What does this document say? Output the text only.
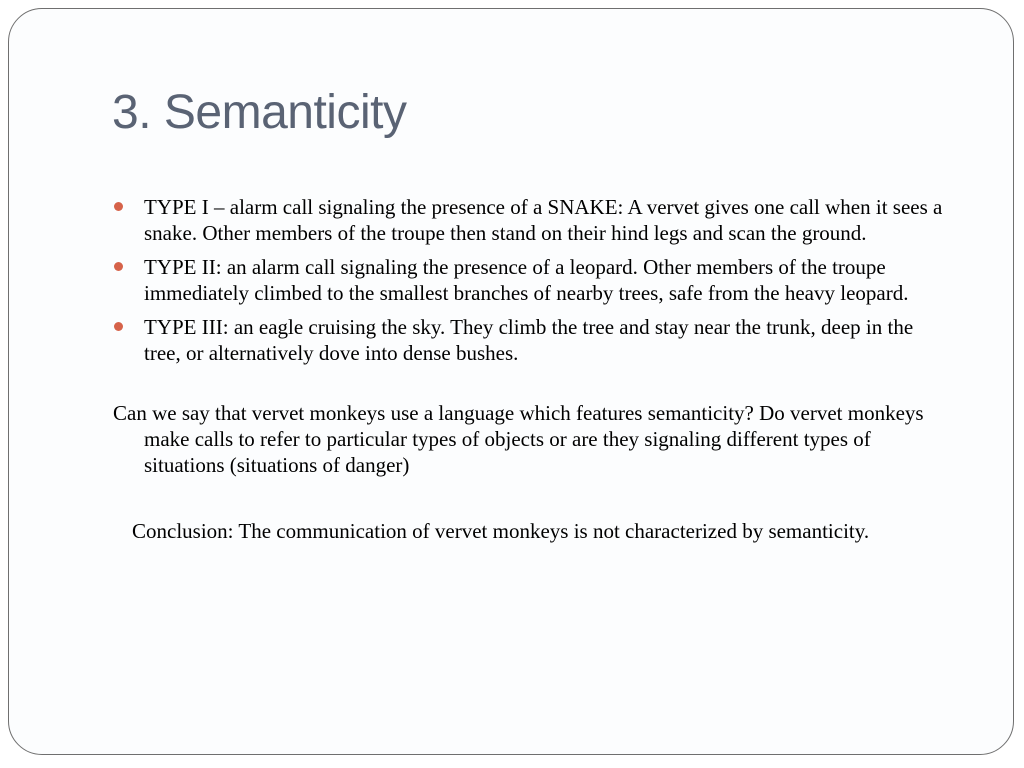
3. Semanticity
TYPE I – alarm call signaling the presence of a SNAKE: A vervet gives one call when it sees a snake. Other members of the troupe then stand on their hind legs and scan the ground.
TYPE II: an alarm call signaling the presence of a leopard. Other members of the troupe immediately climbed to the smallest branches of nearby trees, safe from the heavy leopard.
TYPE III: an eagle cruising the sky. They climb the tree and stay near the trunk, deep in the tree, or alternatively dove into dense bushes.

Can we say that vervet monkeys use a language which features semanticity? Do vervet monkeys make calls to refer to particular types of objects or are they signaling different types of situations (situations of danger)

Conclusion: The communication of vervet monkeys is not characterized by semanticity.
